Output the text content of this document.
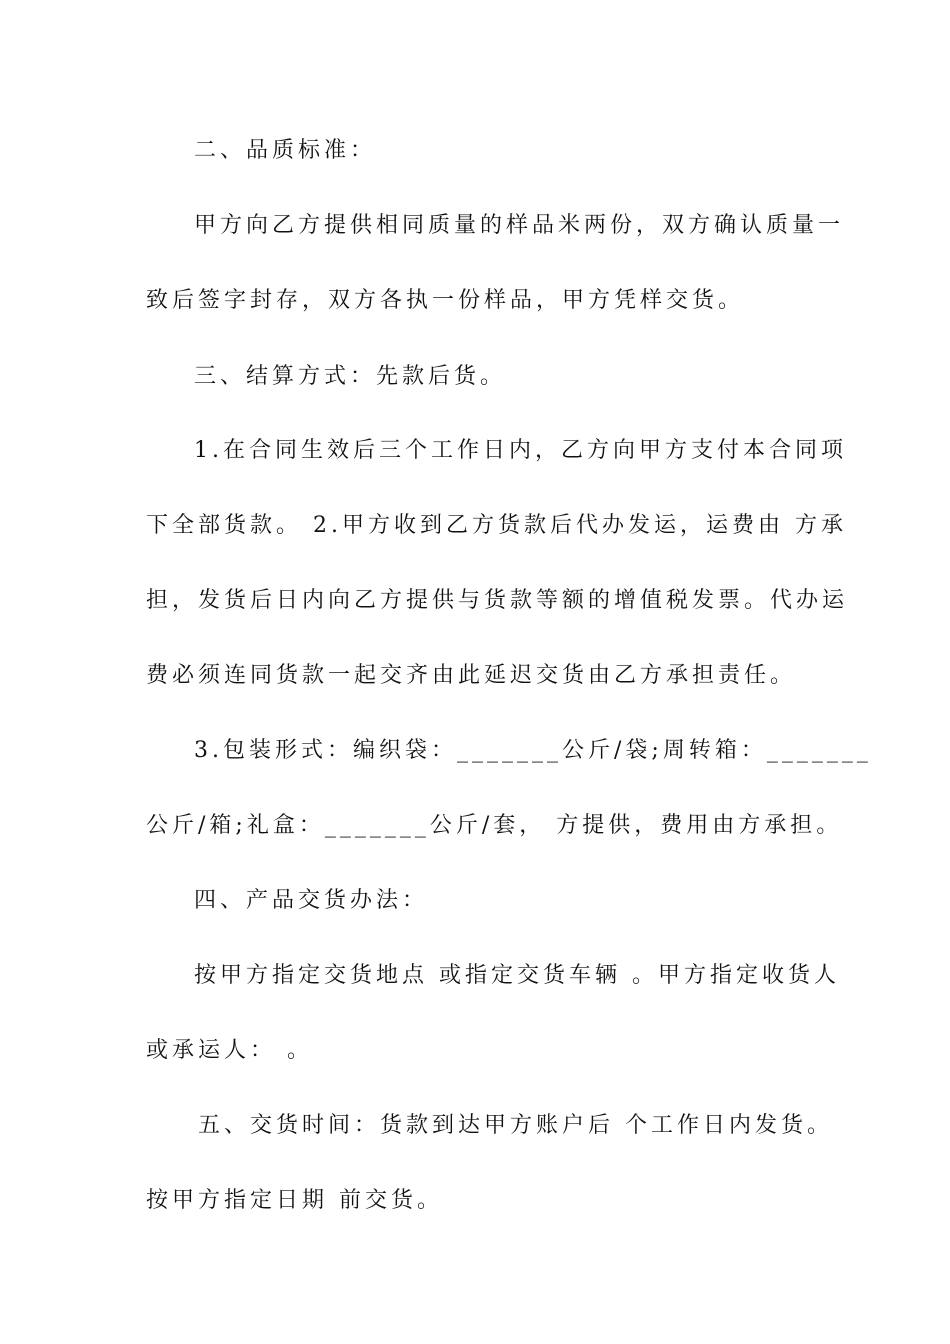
二、品质标准：
甲方向乙方提供相同质量的样品米两份，双方确认质量一
致后签字封存，双方各执一份样品，甲方凭样交货。
三、结算方式：先款后货。
1.在合同生效后三个工作日内，乙方向甲方支付本合同项
下全部货款。 2.甲方收到乙方货款后代办发运，运费由 方承
担，发货后日内向乙方提供与货款等额的增值税发票。代办运
费必须连同货款一起交齐由此延迟交货由乙方承担责任。
3.包装形式：编织袋：_______公斤/袋;周转箱：_______
公斤/箱;礼盒：_______公斤/套， 方提供，费用由方承担。
四、产品交货办法：
按甲方指定交货地点 或指定交货车辆 。甲方指定收货人
或承运人： 。
五、交货时间：货款到达甲方账户后 个工作日内发货。
按甲方指定日期 前交货。
